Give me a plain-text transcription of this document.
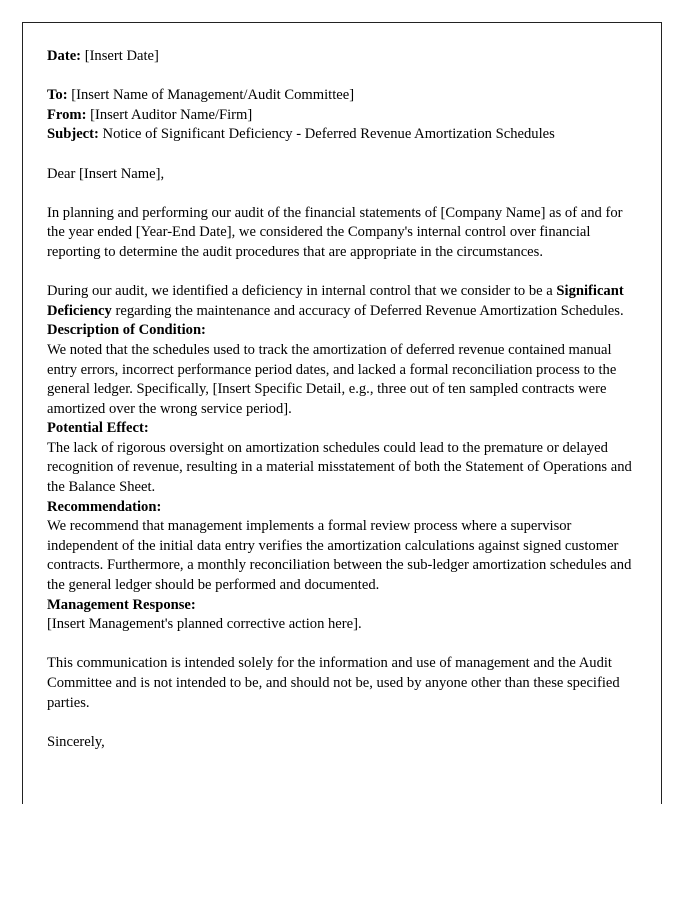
Date: [Insert Date]

To: [Insert Name of Management/Audit Committee]

From: [Insert Auditor Name/Firm]

Subject: Notice of Significant Deficiency - Deferred Revenue Amortization Schedules

Dear [Insert Name],

In planning and performing our audit of the financial statements of [Company Name] as of and for the year ended [Year-End Date], we considered the Company's internal control over financial reporting to determine the audit procedures that are appropriate in the circumstances.

During our audit, we identified a deficiency in internal control that we consider to be a Significant Deficiency regarding the maintenance and accuracy of Deferred Revenue Amortization Schedules.

Description of Condition:

We noted that the schedules used to track the amortization of deferred revenue contained manual entry errors, incorrect performance period dates, and lacked a formal reconciliation process to the general ledger. Specifically, [Insert Specific Detail, e.g., three out of ten sampled contracts were amortized over the wrong service period].

Potential Effect:

The lack of rigorous oversight on amortization schedules could lead to the premature or delayed recognition of revenue, resulting in a material misstatement of both the Statement of Operations and the Balance Sheet.

Recommendation:

We recommend that management implements a formal review process where a supervisor independent of the initial data entry verifies the amortization calculations against signed customer contracts. Furthermore, a monthly reconciliation between the sub-ledger amortization schedules and the general ledger should be performed and documented.

Management Response:

[Insert Management's planned corrective action here].

This communication is intended solely for the information and use of management and the Audit Committee and is not intended to be, and should not be, used by anyone other than these specified parties.

Sincerely,
